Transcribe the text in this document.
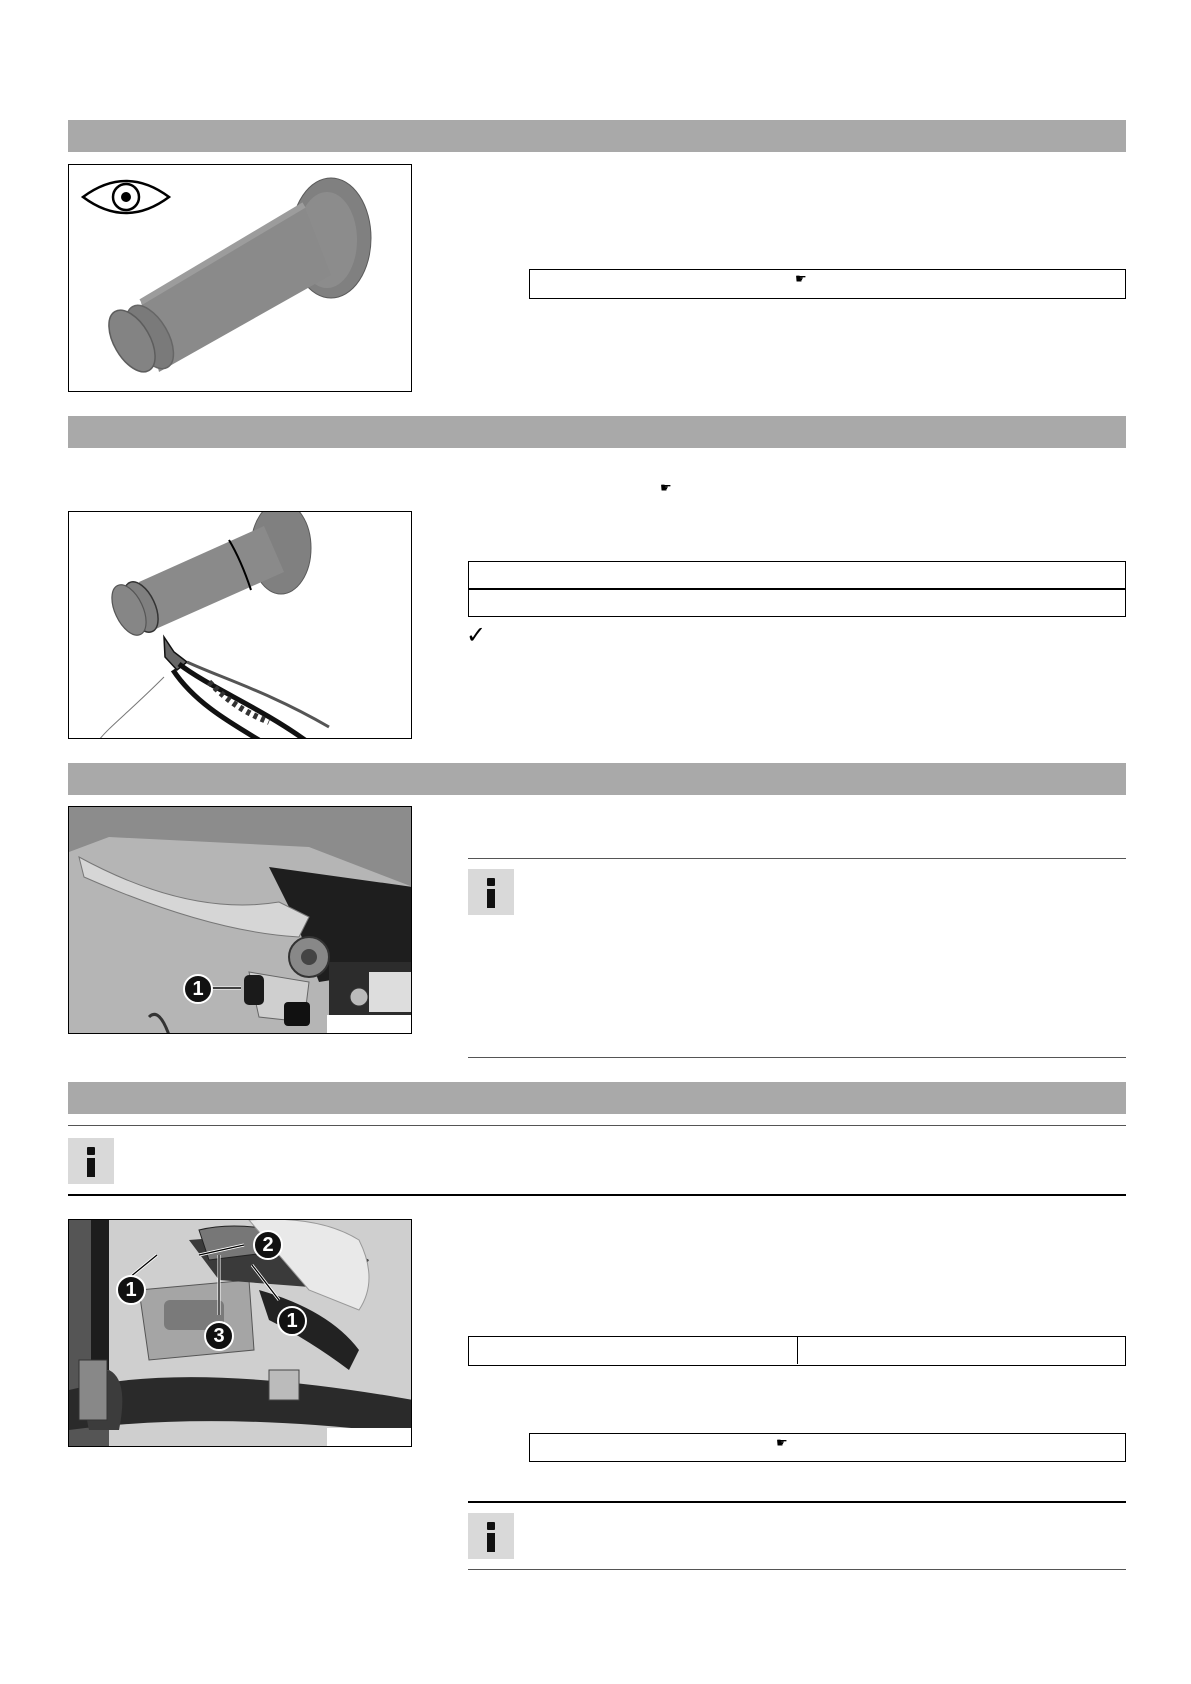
☛
☛
✓
1
2
1
1
3
☛
